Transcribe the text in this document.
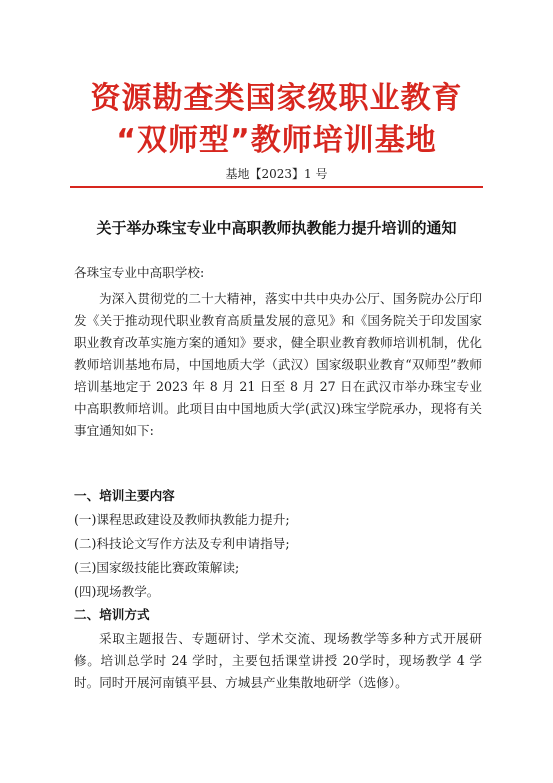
资源勘查类国家级职业教育
“双师型”教师培训基地
基地【2023】1 号
关于举办珠宝专业中高职教师执教能力提升培训的通知

各珠宝专业中高职学校:

为深入贯彻党的二十大精神，落实中共中央办公厅、国务院办公厅印发《关于推动现代职业教育高质量发展的意见》和《国务院关于印发国家职业教育改革实施方案的通知》要求，健全职业教育教师培训机制，优化教师培训基地布局，中国地质大学（武汉）国家级职业教育“双师型”教师培训基地定于 2023 年 8 月 21 日至 8 月 27 日在武汉市举办珠宝专业中高职教师培训。此项目由中国地质大学(武汉)珠宝学院承办，现将有关事宜通知如下:

一、培训主要内容
(一)课程思政建设及教师执教能力提升;
(二)科技论文写作方法及专利申请指导;
(三)国家级技能比赛政策解读;
(四)现场教学。
二、培训方式

采取主题报告、专题研讨、学术交流、现场教学等多种方式开展研修。培训总学时 24 学时，主要包括课堂讲授 20学时，现场教学 4 学时。同时开展河南镇平县、方城县产业集散地研学（选修）。
